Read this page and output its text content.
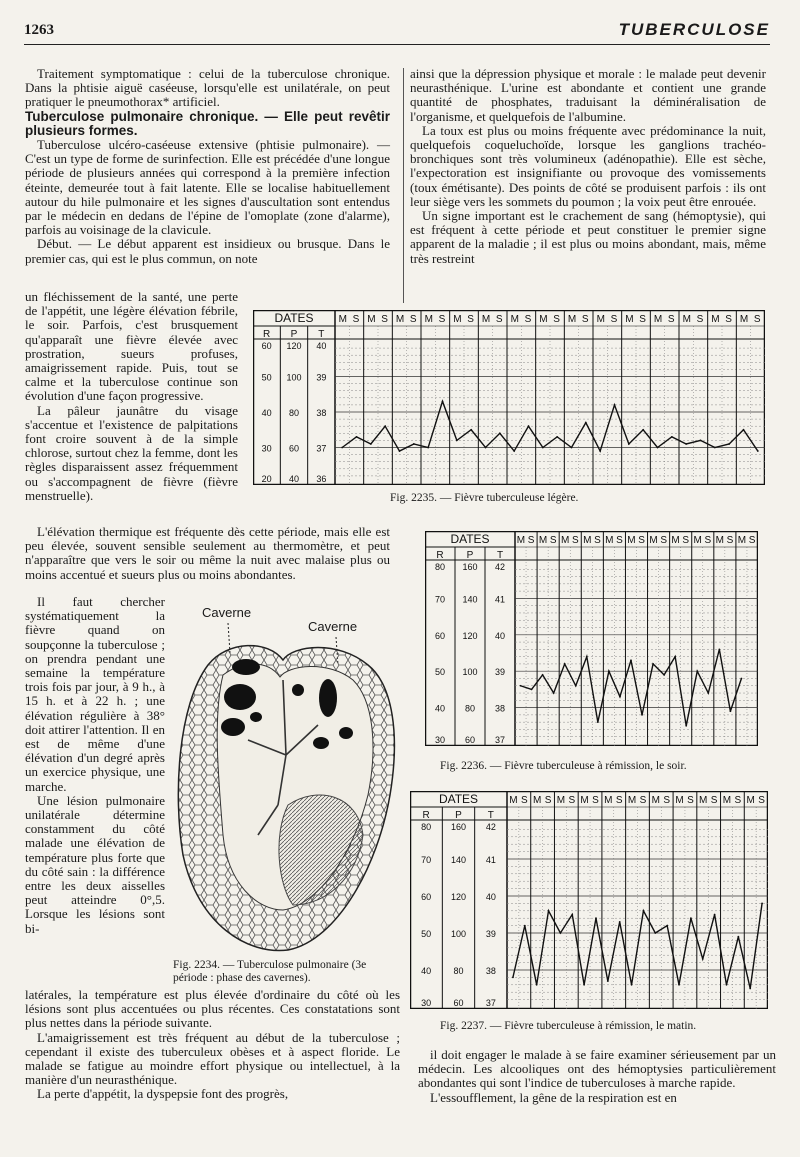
1263	TUBERCULOSE

Traitement symptomatique : celui de la tuberculose chronique. Dans la phtisie aiguë caséeuse, lorsqu'elle est unilatérale, on peut pratiquer le pneumothorax* artificiel.

Tuberculose pulmonaire chronique. — Elle peut revêtir plusieurs formes.

Tuberculose ulcéro-caséeuse extensive (phtisie pulmonaire). — C'est un type de forme de surinfection. Elle est précédée d'une longue période de plusieurs années qui correspond à la première infection éteinte, demeurée tout à fait latente. Elle se localise habituellement autour du hile pulmonaire et les signes d'auscultation sont entendus par le médecin en dedans de l'épine de l'omoplate (zone d'alarme), parfois au voisinage de la clavicule.

Début. — Le début apparent est insidieux ou brusque. Dans le premier cas, qui est le plus commun, on note

ainsi que la dépression physique et morale : le malade peut devenir neurasthénique. L'urine est abondante et contient une grande quantité de phosphates, traduisant la déminéralisation de l'organisme, et quelquefois de l'albumine.

La toux est plus ou moins fréquente avec prédominance la nuit, quelquefois coqueluchoïde, lorsque les ganglions trachéo-bronchiques sont très volumineux (adénopathie). Elle est sèche, l'expectoration est insignifiante ou provoque des vomissements (toux émétisante). Des points de côté se produisent parfois : ils ont leur siège vers les sommets du poumon ; la voix peut être enrouée.

Un signe important est le crachement de sang (hémoptysie), qui est fréquent à cette période et peut constituer le premier signe apparent de la maladie ; il est plus ou moins abondant, mais, même très restreint

un fléchissement de la santé, une perte de l'appétit, une légère élévation fébrile, le soir. Parfois, c'est brusquement qu'apparaît une fièvre élevée avec prostration, sueurs profuses, amaigrissement rapide. Puis, tout se calme et la tuberculose continue son évolution d'une façon progressive.

La pâleur jaunâtre du visage s'accentue et l'existence de palpitations font croire souvent à de la simple chlorose, surtout chez la femme, dont les règles disparaissent assez fréquemment ou s'accompagnent de fièvre (fièvre menstruelle).

L'élévation thermique est fréquente dès cette période, mais elle est peu élevée, souvent sensible seulement au thermomètre, et peut n'apparaître que vers le soir ou même la nuit avec malaise plus ou moins accentué et sueurs plus ou moins abondantes.

Il faut chercher systématiquement la fièvre quand on soupçonne la tuberculose ; on prendra pendant une semaine la température trois fois par jour, à 9 h., à 15 h. et à 22 h. ; une élévation régulière à 38° doit attirer l'attention. Il en est de même d'une élévation d'un degré après un exercice physique, une marche.

Une lésion pulmonaire unilatérale détermine constamment du côté malade une élévation de température plus forte que du côté sain : la différence entre les deux aisselles peut atteindre 0°,5. Lorsque les lésions sont bi-

latérales, la température est plus élevée d'ordinaire du côté où les lésions sont plus accentuées ou plus récentes. Ces constatations sont plus nettes dans la période suivante.

L'amaigrissement est très fréquent au début de la tuberculose ; cependant il existe des tuberculeux obèses et à aspect floride. Le malade se fatigue au moindre effort physique ou intellectuel, à la manière d'un neurasthénique.

La perte d'appétit, la dyspepsie font des progrès,

Caverne
Caverne
Fig. 2234. — Tuberculose pulmonaire (3e période : phase des cavernes).
DATES
R P T
60 120 40
50 100 39
40 80 38
30 60 37
20 40 36
M S M S M S M S M S M S M S M S M S M S M S M S M S M S M S
Fig. 2235. — Fièvre tuberculeuse légère.
DATES
R P T
80 160 42
70 140 41
60 120 40
50 100 39
40 80 38
30 60 37
M S M S M S M S M S M S M S M S M S M S M S
Fig. 2236. — Fièvre tuberculeuse à rémission, le soir.
DATES
R	P	T
80 160 42
70 140 41
60 120 40
50 100 39
40 80 38
30 60 37
M S M S M S M S M S M S M S M S M S M S M S
Fig. 2237. — Fièvre tuberculeuse à rémission, le matin.

il doit engager le malade à se faire examiner sérieusement par un médecin. Les alcooliques ont des hémoptysies particulièrement abondantes qui sont l'indice de tuberculoses à marche rapide.

L'essoufflement, la gêne de la respiration est en
